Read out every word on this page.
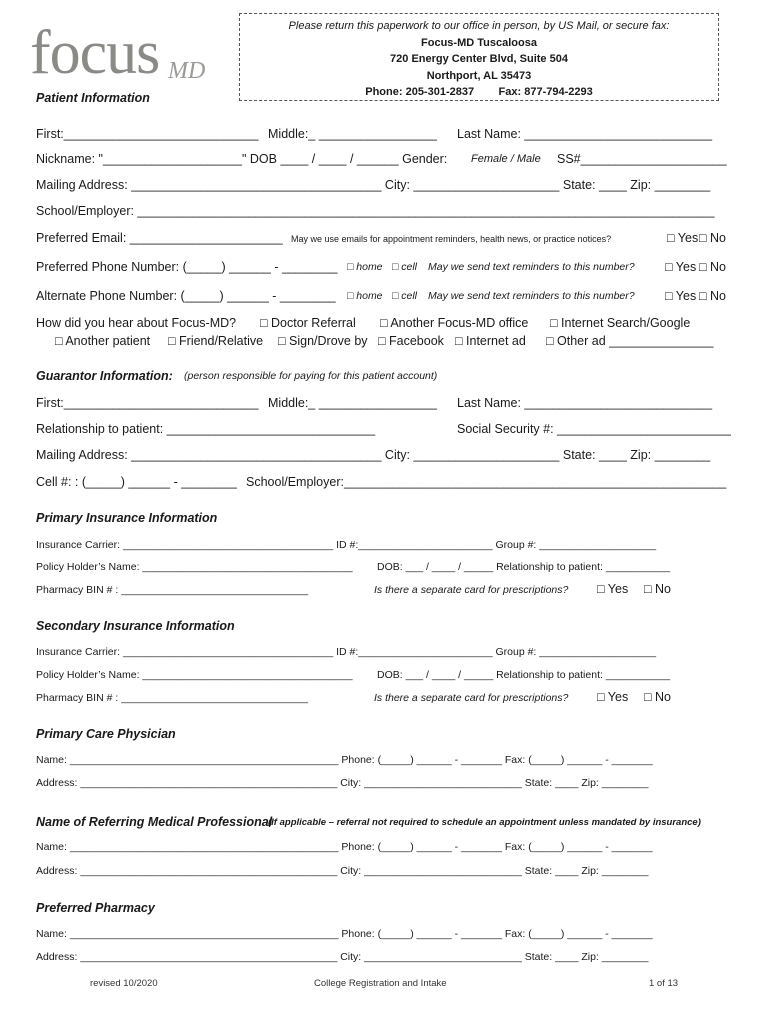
focus MD
Please return this paperwork to our office in person, by US Mail, or secure fax:
Focus-MD Tuscaloosa
720 Energy Center Blvd, Suite 504
Northport, AL 35473
Phone: 205-301-2837 Fax: 877-794-2293
Patient Information
First:____________________________ Middle:_ _________________ Last Name: ___________________________
Nickname: "____________________" DOB ____ / ____ / ______ Gender: Female / Male SS#_____________________
Mailing Address: ____________________________________ City: _____________________ State: ____ Zip: ________
School/Employer: ___________________________________________________________________________________
Preferred Email: ______________________ May we use emails for appointment reminders, health news, or practice notices?	□ Yes □ No
Preferred Phone Number: (_____) ______ - ________ □ home □ cell May we send text reminders to this number? □ Yes □ No
Alternate Phone Number: (_____) ______ - ________ □ home □ cell May we send text reminders to this number? □ Yes □ No
How did you hear about Focus-MD? □ Doctor Referral □ Another Focus-MD office □ Internet Search/Google
□ Another patient □ Friend/Relative □ Sign/Drove by □ Facebook □ Internet ad □ Other ad _______________
Guarantor Information: (person responsible for paying for this patient account)
First:____________________________ Middle:_ _________________ Last Name: ___________________________
Relationship to patient: ______________________________	Social Security #: _________________________
Mailing Address: ____________________________________ City: _____________________ State: ____ Zip: ________
Cell #: : (_____) ______ - ________ School/Employer:_______________________________________________________
Primary Insurance Information
Insurance Carrier: ____________________________________ ID #:_______________________ Group #: ____________________
Policy Holder’s Name: ____________________________________ DOB: ___ / ____ / _____ Relationship to patient: ___________
Pharmacy BIN # : ________________________________	Is there a separate card for prescriptions? □ Yes □ No
Secondary Insurance Information
Insurance Carrier: ____________________________________ ID #:_______________________ Group #: ____________________
Policy Holder’s Name: ____________________________________ DOB: ___ / ____ / _____ Relationship to patient: ___________
Pharmacy BIN # : ________________________________	Is there a separate card for prescriptions? □ Yes □ No
Primary Care Physician
Name: ______________________________________________ Phone: (_____) ______ - _______ Fax: (_____) ______ - _______
Address: ____________________________________________ City: ___________________________ State: ____ Zip: ________
Name of Referring Medical Professional
(If applicable – referral not required to schedule an appointment unless mandated by insurance)
Name: ______________________________________________ Phone: (_____) ______ - _______ Fax: (_____) ______ - _______
Address: ____________________________________________ City: ___________________________ State: ____ Zip: ________
Preferred Pharmacy
Name: ______________________________________________ Phone: (_____) ______ - _______ Fax: (_____) ______ - _______
Address: ____________________________________________ City: ___________________________ State: ____ Zip: ________
revised 10/2020	College Registration and Intake	1 of 13
